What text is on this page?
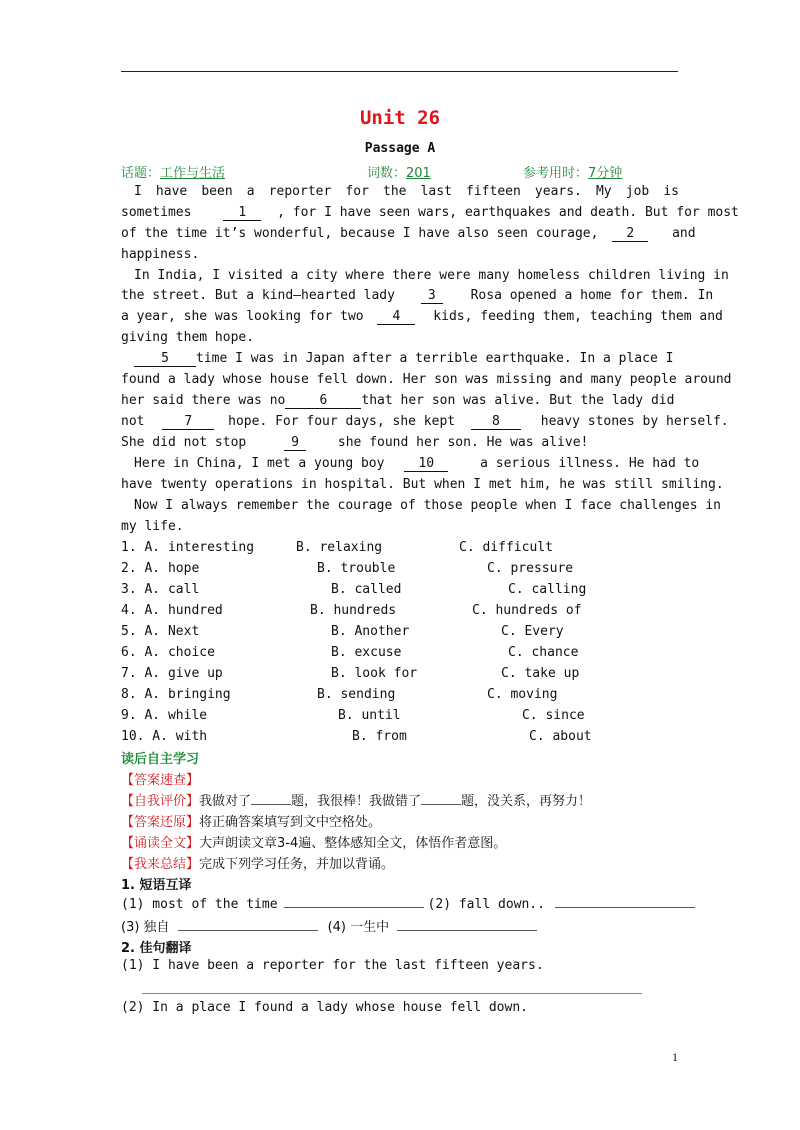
Unit 26
Passage A
话题：工作与生活	词数：201	参考用时：7分钟
I have been a reporter for the last fifteen years. My job is
sometimes	1 , for I have seen wars, earthquakes and death. But for most
of the time it’s wonderful, because I have also seen courage, 2	and
happiness.
In India, I visited a city where there were many homeless children living in
the street. But a kind–hearted lady	3	Rosa opened a home for them. In
a year, she was looking for two 4	kids, feeding them, teaching them and
giving them hope.
5 time I was in Japan after a terrible earthquake. In a place I
found a lady whose house fell down. Her son was missing and many people around
her said there was no	6	that her son was alive. But the lady did
not	7	hope. For four days, she kept	8	heavy stones by herself.
She did not stop	9	she found her son. He was alive!
Here in China, I met a young boy	10	a serious illness. He had to
have twenty operations in hospital. But when I met him, he was still smiling.
Now I always remember the courage of those people when I face challenges in
my life.
1. A. interesting	B. relaxing	C. difficult
2. A. hope	B. trouble	C. pressure
3. A. call	B. called	C. calling
4. A. hundred	B. hundreds	C. hundreds of
5. A. Next	B. Another	C. Every
6. A. choice	B. excuse	C. chance
7. A. give up	B. look for	C. take up
8. A. bringing	B. sending	C. moving
9. A. while	B. until	C. since
10. A. with	B. from	C. about
读后自主学习
【答案速查】
【自我评价】我做对了	题，我很棒！我做错了	题，没关系，再努力！
【答案还原】将正确答案填写到文中空格处。
【诵读全文】大声朗读文章3-4遍、整体感知全文，体悟作者意图。
【我来总结】完成下列学习任务，并加以背诵。
1. 短语互译
(1) most of the time	(2) fall down..
(3) 独自	(4) 一生中
2. 佳句翻译
(1) I have been a reporter for the last fifteen years.
(2) In a place I found a lady whose house fell down.
1
